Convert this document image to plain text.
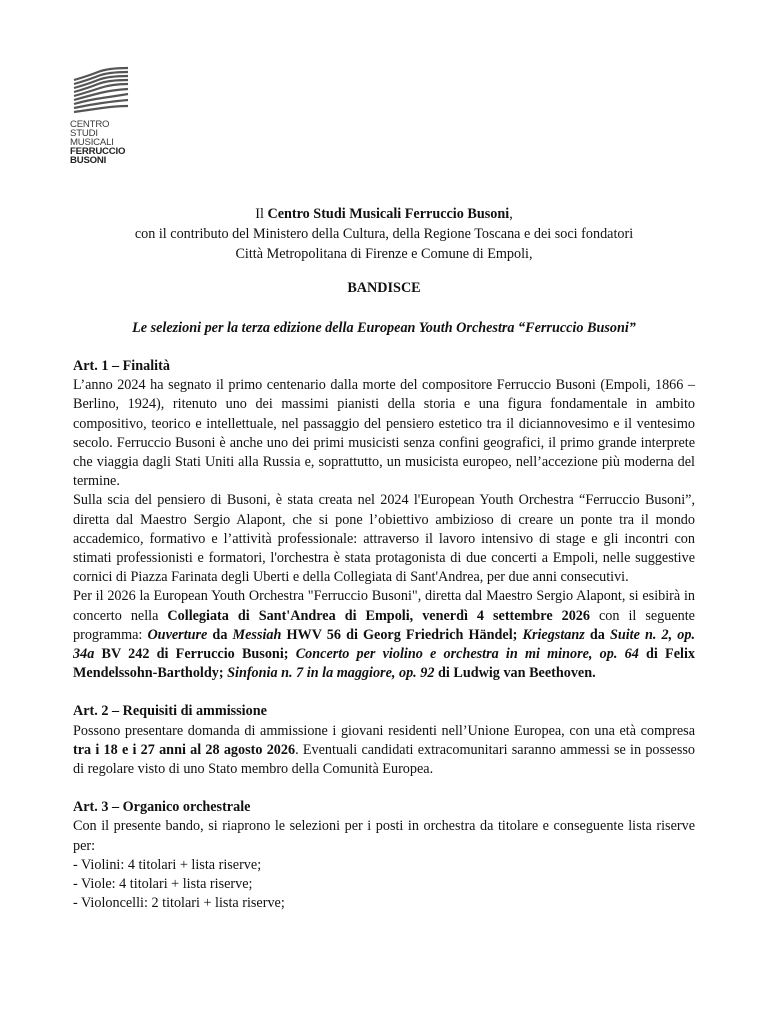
CENTRO
STUDI
MUSICALI
FERRUCCIO
BUSONI

Il Centro Studi Musicali Ferruccio Busoni,

con il contributo del Ministero della Cultura, della Regione Toscana e dei soci fondatori

Città Metropolitana di Firenze e Comune di Empoli,

BANDISCE
Le selezioni per la terza edizione della European Youth Orchestra “Ferruccio Busoni”
Art. 1 – Finalità

L’anno 2024 ha segnato il primo centenario dalla morte del compositore Ferruccio Busoni (Empoli, 1866 – Berlino, 1924), ritenuto uno dei massimi pianisti della storia e una figura fondamentale in ambito compositivo, teorico e intellettuale, nel passaggio del pensiero estetico tra il diciannovesimo e il ventesimo secolo. Ferruccio Busoni è anche uno dei primi musicisti senza confini geografici, il primo grande interprete che viaggia dagli Stati Uniti alla Russia e, soprattutto, un musicista europeo, nell’accezione più moderna del termine.

Sulla scia del pensiero di Busoni, è stata creata nel 2024 l'European Youth Orchestra “Ferruccio Busoni”, diretta dal Maestro Sergio Alapont, che si pone l’obiettivo ambizioso di creare un ponte tra il mondo accademico, formativo e l’attività professionale: attraverso il lavoro intensivo di stage e gli incontri con stimati professionisti e formatori, l'orchestra è stata protagonista di due concerti a Empoli, nelle suggestive cornici di Piazza Farinata degli Uberti e della Collegiata di Sant'Andrea, per due anni consecutivi.

Per il 2026 la European Youth Orchestra "Ferruccio Busoni", diretta dal Maestro Sergio Alapont, si esibirà in concerto nella Collegiata di Sant'Andrea di Empoli, venerdì 4 settembre 2026 con il seguente programma: Ouverture da Messiah HWV 56 di Georg Friedrich Händel; Kriegstanz da Suite n. 2, op. 34a BV 242 di Ferruccio Busoni; Concerto per violino e orchestra in mi minore, op. 64 di Felix Mendelssohn-Bartholdy; Sinfonia n. 7 in la maggiore, op. 92 di Ludwig van Beethoven.

Art. 2 – Requisiti di ammissione

Possono presentare domanda di ammissione i giovani residenti nell’Unione Europea, con una età compresa tra i 18 e i 27 anni al 28 agosto 2026. Eventuali candidati extracomunitari saranno ammessi se in possesso di regolare visto di uno Stato membro della Comunità Europea.

Art. 3 – Organico orchestrale

Con il presente bando, si riaprono le selezioni per i posti in orchestra da titolare e conseguente lista riserve per:

- Violini: 4 titolari + lista riserve;

- Viole: 4 titolari + lista riserve;

- Violoncelli: 2 titolari + lista riserve;
